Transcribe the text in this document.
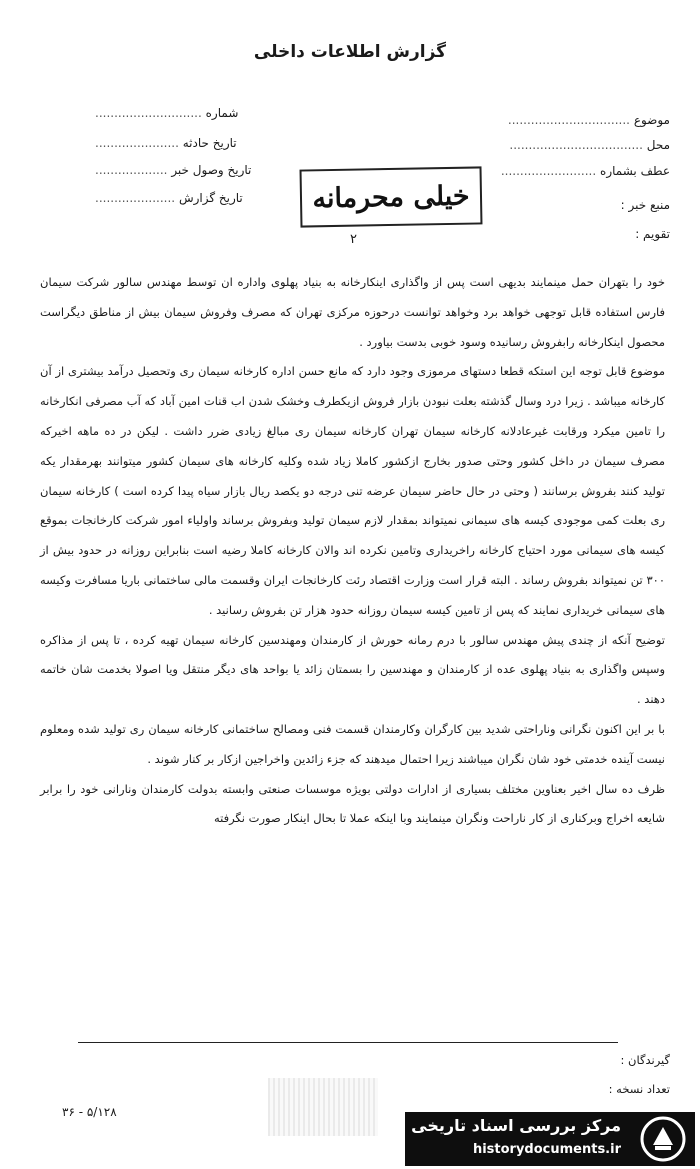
گزارش اطلاعات داخلی
شماره ............................
تاریخ حادثه ......................
تاریخ وصول خبر ...................
تاریخ گزارش .....................
موضوع ................................
محل ...................................
عطف بشماره .........................
منبع خبر :
تقویم :
خیلی محرمانه
۲

خود را بتهران حمل مینمایند بدیهی است پس از واگذاری اینکارخانه به بنیاد پهلوی واداره ان توسط مهندس سالور شرکت سیمان فارس استفاده قابل توجهی خواهد برد وخواهد توانست درحوزه مرکزی تهران که مصرف وفروش سیمان بیش از مناطق دیگراست محصول اینکارخانه رابفروش رسانیده وسود خوبی بدست بیاورد .

موضوع قابل توجه این استکه قطعا دستهای مرموزی وجود دارد که مانع حسن اداره کارخانه سیمان ری وتحصیل درآمد بیشتری از آن کارخانه میباشد . زیرا درد وسال گذشته بعلت نبودن بازار فروش ازیکطرف وخشک شدن اب قنات امین آباد که آب مصرفی انکارخانه را تامین میکرد ورقابت غیرعادلانه کارخانه سیمان تهران کارخانه سیمان ری مبالغ زیادی ضرر داشت . لیکن در ده ماهه اخیرکه مصرف سیمان در داخل کشور وحتی صدور بخارج ازکشور کاملا زیاد شده وکلیه کارخانه های سیمان کشور میتوانند بهرمقدار یکه تولید کنند بفروش برسانند ( وحتی در حال حاضر سیمان عرضه تنی درجه دو یکصد ریال بازار سیاه پیدا کرده است ) کارخانه سیمان ری بعلت کمی موجودی کیسه های سیمانی نمیتواند بمقدار لازم سیمان تولید وبفروش برساند واولیاء امور شرکت کارخانجات بموقع کیسه های سیمانی مورد احتیاج کارخانه راخریداری وتامین نکرده اند والان کارخانه کاملا رضیه است بنابراین روزانه در حدود بیش از ۳۰۰ تن نمیتواند بفروش رساند . البته قرار است وزارت اقتصاد رئت کارخانجات ایران وقسمت مالی ساختمانی باریا مسافرت وکیسه های سیمانی خریداری نمایند که پس از تامین کیسه سیمان روزانه حدود هزار تن بفروش رسانید .

توضیح آنکه از چندی پیش مهندس سالور با درم رمانه حورش از کارمندان ومهندسین کارخانه سیمان تهیه کرده ، تا پس از مذاکره وسپس واگذاری به بنیاد پهلوی عده از کارمندان و مهندسین را بسمتان زائد یا بواحد های دیگر منتقل ویا اصولا بخدمت شان خاتمه دهند .

با بر این اکنون نگرانی وناراحتی شدید بین کارگران وکارمندان قسمت فنی ومصالح ساختمانی کارخانه سیمان ری تولید شده ومعلوم نیست آینده خدمتی خود شان نگران میباشند زیرا احتمال میدهند که جزء زائدین واخراجین ازکار بر کنار شوند .

ظرف ده سال اخیر بعناوین مختلف بسیاری از ادارات دولتی بویژه موسسات صنعتی وابسته بدولت کارمندان ونارانی خود را برابر شایعه اخراج وبرکناری از کار ناراحت ونگران مینمایند وبا اینکه عملا تا بحال اینکار صورت نگرفته

گیرندگان :
تعداد نسخه :
۵/۱۲۸ - ۳۶
مرکز بررسی اسناد تاریخی
historydocuments.ir
